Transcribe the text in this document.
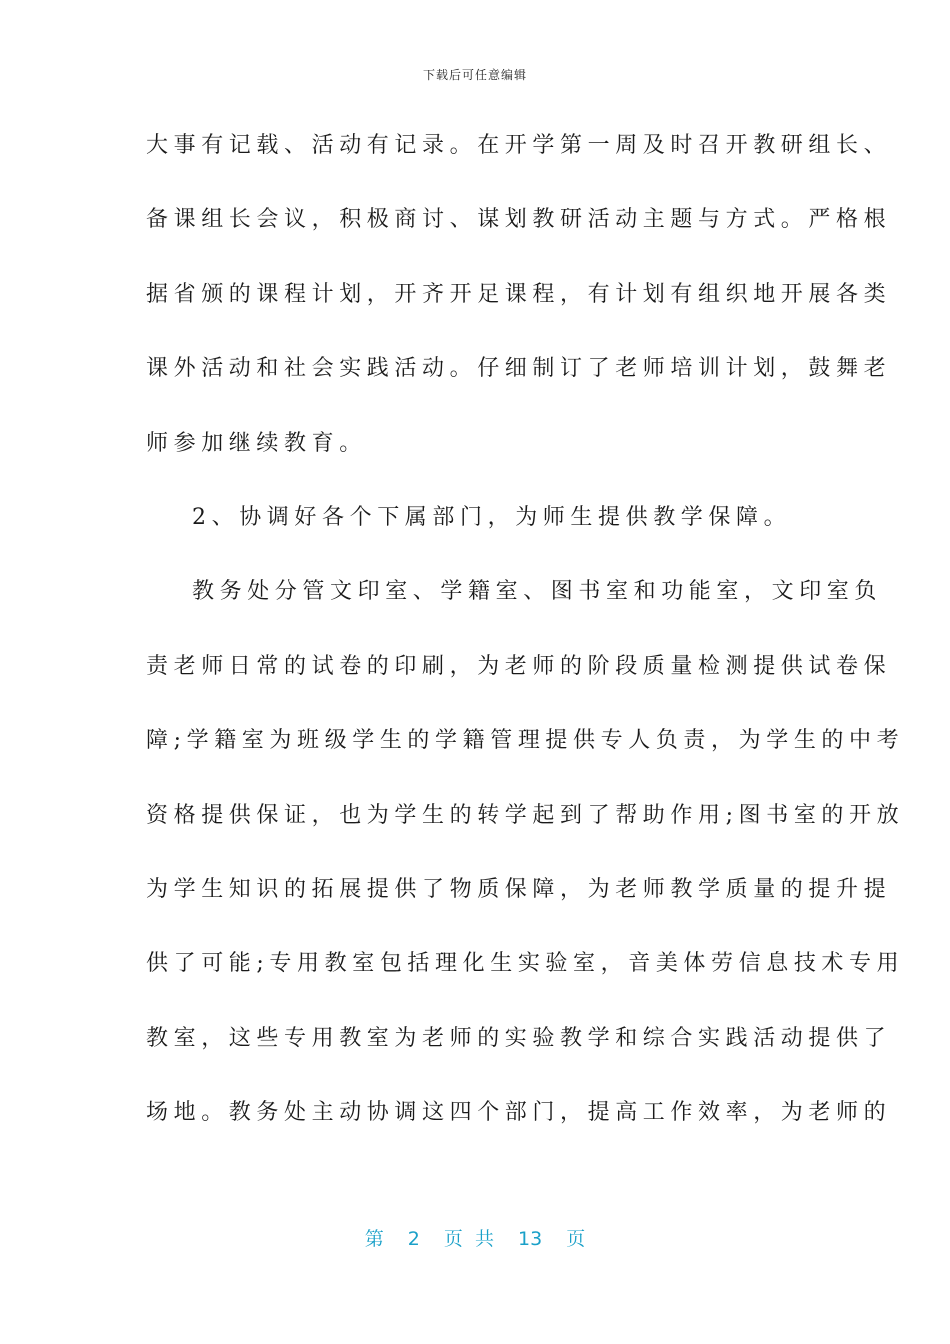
下载后可任意编辑
大事有记载、活动有记录。在开学第一周及时召开教研组长、
备课组长会议，积极商讨、谋划教研活动主题与方式。严格根
据省颁的课程计划，开齐开足课程，有计划有组织地开展各类
课外活动和社会实践活动。仔细制订了老师培训计划，鼓舞老
师参加继续教育。
2、协调好各个下属部门，为师生提供教学保障。
教务处分管文印室、学籍室、图书室和功能室，文印室负
责老师日常的试卷的印刷，为老师的阶段质量检测提供试卷保
障;学籍室为班级学生的学籍管理提供专人负责，为学生的中考
资格提供保证，也为学生的转学起到了帮助作用;图书室的开放
为学生知识的拓展提供了物质保障，为老师教学质量的提升提
供了可能;专用教室包括理化生实验室，音美体劳信息技术专用
教室，这些专用教室为老师的实验教学和综合实践活动提供了
场地。教务处主动协调这四个部门，提高工作效率，为老师的
第 2 页 共 13 页
